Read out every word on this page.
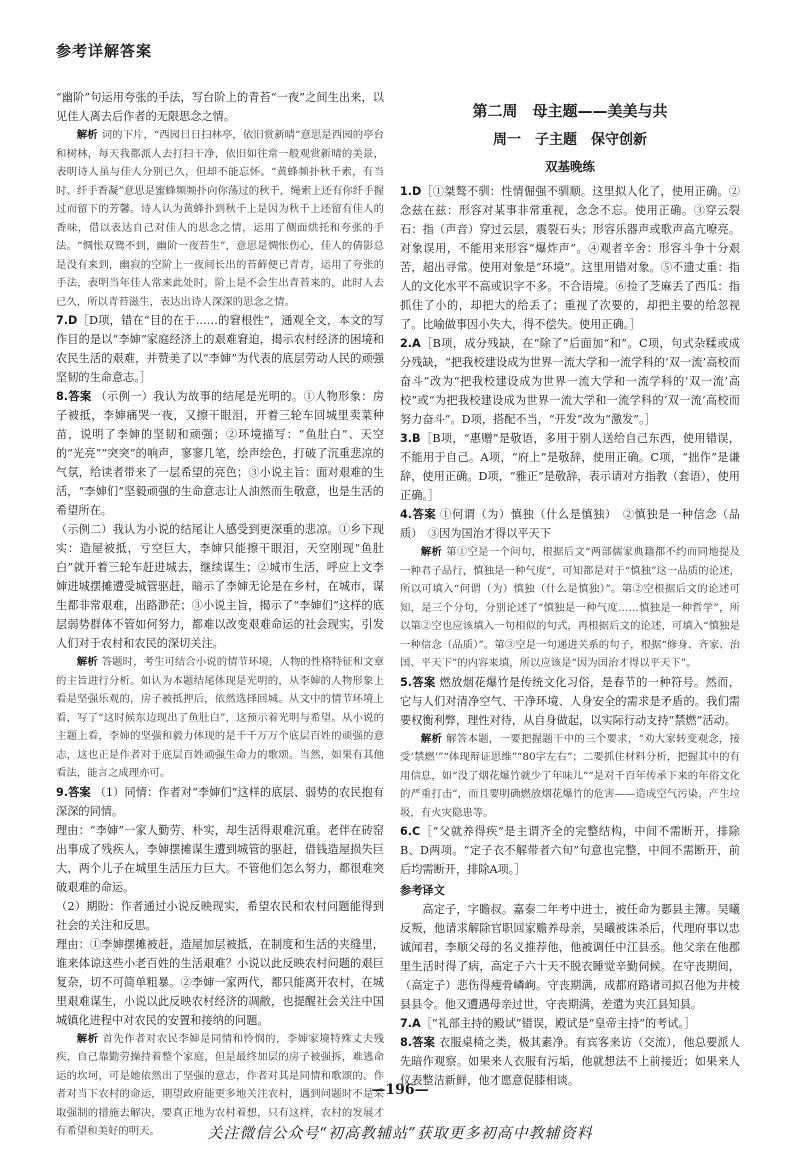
参考详解答案

“幽阶”句运用夸张的手法，写台阶上的青苔“一夜”之间生出来，以见佳人离去后作者的无限思念之情。

解析 词的下片，“西园日日扫林亭，依旧赏新晴”意思是西园的亭台和树林，每天我都派人去打扫干净，依旧如往常一般观赏新晴的美景，表明诗人虽与佳人分别已久，但却不能忘怀。“黄蜂频扑秋千索，有当时、纤手香凝”意思是蜜蜂频频扑向你荡过的秋千，绳索上还有你纤手握过而留下的芳馨。诗人认为黄蜂扑到秋千上是因为秋千上还留有佳人的香味，借以表达自己对佳人的思念之情，运用了侧面烘托和夸张的手法。“惆怅双鸳不到，幽阶一夜苔生”，意思是惆怅伤心，佳人的倩影总是没有来到，幽寂的空阶上一夜间长出的苔藓便已青青，运用了夸张的手法，表明当年佳人常来此处时，阶上是不会生出青苔来的，此时人去已久，所以青苔滋生，表达出诗人深深的思念之情。

7.D［D项，错在“目的在于……的窘根性”，通观全文，本文的写作目的是以“李婶”家庭经济上的艰难窘迫，揭示农村经济的困境和农民生活的艰难，并赞美了以“李婶”为代表的底层劳动人民的顽强坚韧的生命意志。］

8.答案 （示例一）我认为故事的结尾是光明的。①人物形象：房子被抵，李婶痛哭一夜，又擦干眼泪，开着三轮车回城里卖菜种苗，说明了李婶的坚韧和顽强；②环境描写：“鱼肚白”、天空的“光亮”“突突”的响声，寥寥几笔，绘声绘色，打破了沉重悲凉的气氛，给读者带来了一层希望的亮色；③小说主旨：面对艰难的生活，“李婶们”坚毅顽强的生命意志让人油然而生敬意，也是生活的希望所在。

（示例二）我认为小说的结尾让人感受到更深重的悲凉。①乡下现实：造屋被抵，亏空巨大，李婶只能擦干眼泪，天空刚现“鱼肚白”就开着三轮车赶进城去，继续谋生；②城市生活，呼应上文李婶进城摆摊遭受城管驱赶，暗示了李婶无论是在乡村，在城市，谋生都非常艰难，出路渺茫；③小说主旨，揭示了“李婶们”这样的底层弱势群体不管如何努力，都难以改变艰难命运的社会现实，引发人们对于农村和农民的深切关注。

解析 答题时，考生可结合小说的情节环境，人物的性格特征和文章的主旨进行分析。如认为本题结尾体现是光明的，从李婶的人物形象上看是坚强乐观的，房子被抵押后，依然选择回城。从文中的情节环境上看，写了“这时候东边现出了鱼肚白”，这预示着光明与希望。从小说的主题上看，李婶的坚强和毅力体现的是千千万万个底层百姓的顽强的意志，这也正是作者对于底层百姓顽强生命力的歌颂。当然，如果有其他看法，能言之成理亦可。

9.答案 （1）同情：作者对“李婶们”这样的底层、弱势的农民抱有深深的同情。

理由：“李婶”一家人勤劳、朴实，却生活得艰难沉重。老伴在砖窑出事成了残疾人，李婶摆摊谋生遭到城管的驱赶，借钱造屋损失巨大，两个儿子在城里生活压力巨大。不管他们怎么努力，都很难突破艰难的命运。

（2）期盼：作者通过小说反映现实，希望农民和农村问题能得到社会的关注和反思。

理由：①李婶摆摊被赶，造屋加层被抵，在制度和生活的夹缝里，谁来体谅这些小老百姓的生活艰难？小说以此反映农村问题的艰巨复杂，切不可简单粗暴。②李婶一家两代，都只能离开农村，在城里艰难谋生，小说以此反映农村经济的凋敝，也提醒社会关注中国城镇化进程中对农民的安置和接纳的问题。

解析 首先作者对农民李婶是同情和怜悯的，李婶家境特殊丈夫残疾，自己靠勤劳操持着整个家庭，但是最终加层的房子被强拆，难逃命运的坎坷，可是她依然出了坚强的意志，作者对其是同情和歌颂的。作者对当下农村的命运，期望政府能更多地关注农村，遇到问题时不是采取强制的措施去解决，要真正地为农村着想，只有这样，农村的发展才有希望和美好的明天。

第二周　母主题——美美与共
周一　子主题　保守创新
双基晚练

1.D［①桀骜不驯：性情倔强不驯顺。这里拟人化了，使用正确。②念兹在兹：形容对某事非常重视，念念不忘。使用正确。③穿云裂石：指（声音）穿过云层，震裂石头；形容乐器声或歌声高亢嘹亮。对象误用，不能用来形容“爆炸声”。④观者辛舍：形容斗争十分艰苦，超出寻常。使用对象是“环境”。这里用错对象。⑤不遗丈重：指人的文化水平不高或识字不多。不合语境。⑥捡了芝麻丢了西瓜：指抓住了小的，却把大的给丢了；重视了次要的，却把主要的给忽视了。比喻做事因小失大，得不偿失。使用正确。］

2.A［B项，成分残缺，在“除了”后面加“和”。C项，句式杂糅或成分残缺，“把我校建设成为世界一流大学和一流学科的‘双一流’高校而奋斗”改为“把我校建设成为世界一流大学和一流学科的‘双一流’高校”或“为把我校建设成为世界一流大学和一流学科的‘双一流’高校而努力奋斗”。D项，搭配不当，“开发”改为“激发”。］

3.B［B项，“惠赠”是敬语，多用于别人送给自己东西，使用错误，不能用于自己。A项，“府上”是敬辞，使用正确。C项，“拙作”是谦辞，使用正确。D项，“雅正”是敬辞，表示请对方指教（套语），使用正确。］

4.答案 ①何谓（为）慎独（什么是慎独）　②慎独是一种信念（品质）　③因为国治才得以平天下

解析 第①空是一个问句，根据后文“两部儒家典籍都不约而同地提及一种君子品行，慎独是一种气度”，可知都是对于“慎独”这一品质的论述，所以可填入“何谓（为）慎独（什么是慎独）”。第②空根据后文的论述可知，是三个分句，分别论述了“慎独是一种气度……慎独是一种哲学”，所以第②空也应该填入一句相似的句式，再根据后文的论述，可填入“慎独是一种信念（品质）”。第③空是一句递进关系的句子，根据“修身、齐家、治国、平天下”的内容来填，所以应该是“因为国治才得以平天下”。

5.答案 燃放烟花爆竹是传统文化习俗，是春节的一种符号。然而，它与人们对清净空气、干净环境、人身安全的需求是矛盾的。我们需要权衡利弊，理性对待，从自身做起，以实际行动支持“禁燃”活动。

解析 解答本题，一要把握题干中的三个要求，“劝大家转变观念，接受‘禁燃’”“体现辩证思维”“80字左右”；二要抓住材料分析，把握其中的有用信息，如“没了烟花爆竹就少了年味儿”“是对千百年传承下来的年俗文化的严重打击”，而且要明确燃放烟花爆竹的危害——造成空气污染，产生垃圾，有火灾隐患等。

6.C［“父就养得疾”是主谓齐全的完整结构，中间不需断开，排除B、D两项。“定子衣不解带者六旬”句意也完整，中间不需断开，前后均需断开，排除A项。］

参考译文

高定子，字瞻叔。嘉泰二年考中进士，被任命为郪县主簿。吴曦反叛，他请求解除官职回家赡养母亲，吴曦被诛杀后，代理府事以忠诚闻君，李顺父母的名义推荐他，他被调任中江县丞。他父亲在他郡里生活时得了病，高定子六十天不脱衣睡觉辛勤伺候。在守丧期间，（高定子）悲伤得瘦骨嶙峋。守丧期满，成都府路诸司拟召他为井棱县县令。他又遭遇母亲过世，守丧期满，差遣为夹江县知县。

7.A［“礼部主持的殿试”错误，殿试是“皇帝主持”的考试。］

8.答案 衣服桌椅之类，极其素净。有宾客来访（交流），他总要派人先暗作观察。如果来人衣服有污垢，他就想法不上前接近；如果来人仪表整洁新鲜，他才愿意促膝相谈。

—196—
关注微信公众号“初高教辅站”获取更多初高中教辅资料
